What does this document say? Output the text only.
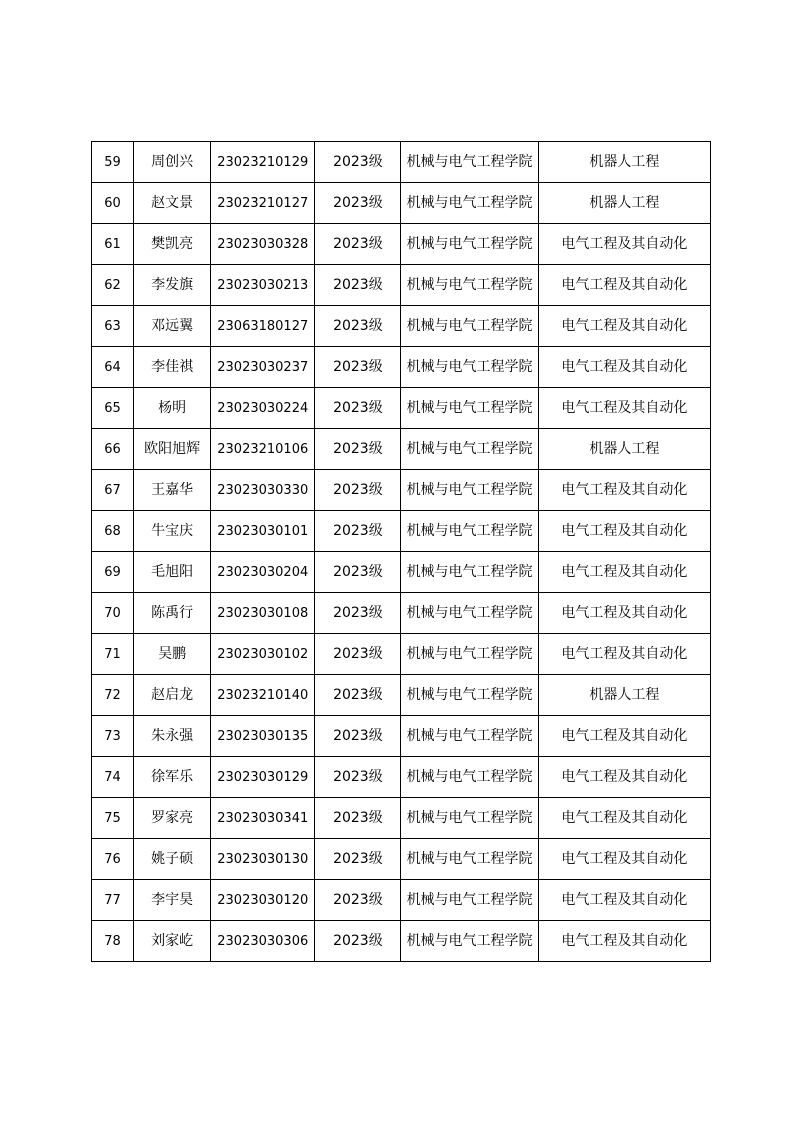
59	周创兴	23023210129	2023级	机械与电气工程学院	机器人工程
60	赵文景	23023210127	2023级	机械与电气工程学院	机器人工程
61	樊凯亮	23023030328	2023级	机械与电气工程学院	电气工程及其自动化
62	李发旗	23023030213	2023级	机械与电气工程学院	电气工程及其自动化
63	邓远翼	23063180127	2023级	机械与电气工程学院	电气工程及其自动化
64	李佳祺	23023030237	2023级	机械与电气工程学院	电气工程及其自动化
65	杨明	23023030224	2023级	机械与电气工程学院	电气工程及其自动化
66	欧阳旭辉	23023210106	2023级	机械与电气工程学院	机器人工程
67	王嘉华	23023030330	2023级	机械与电气工程学院	电气工程及其自动化
68	牛宝庆	23023030101	2023级	机械与电气工程学院	电气工程及其自动化
69	毛旭阳	23023030204	2023级	机械与电气工程学院	电气工程及其自动化
70	陈禹行	23023030108	2023级	机械与电气工程学院	电气工程及其自动化
71	吴鹏	23023030102	2023级	机械与电气工程学院	电气工程及其自动化
72	赵启龙	23023210140	2023级	机械与电气工程学院	机器人工程
73	朱永强	23023030135	2023级	机械与电气工程学院	电气工程及其自动化
74	徐军乐	23023030129	2023级	机械与电气工程学院	电气工程及其自动化
75	罗家亮	23023030341	2023级	机械与电气工程学院	电气工程及其自动化
76	姚子硕	23023030130	2023级	机械与电气工程学院	电气工程及其自动化
77	李宇昊	23023030120	2023级	机械与电气工程学院	电气工程及其自动化
78	刘家屹	23023030306	2023级	机械与电气工程学院	电气工程及其自动化
